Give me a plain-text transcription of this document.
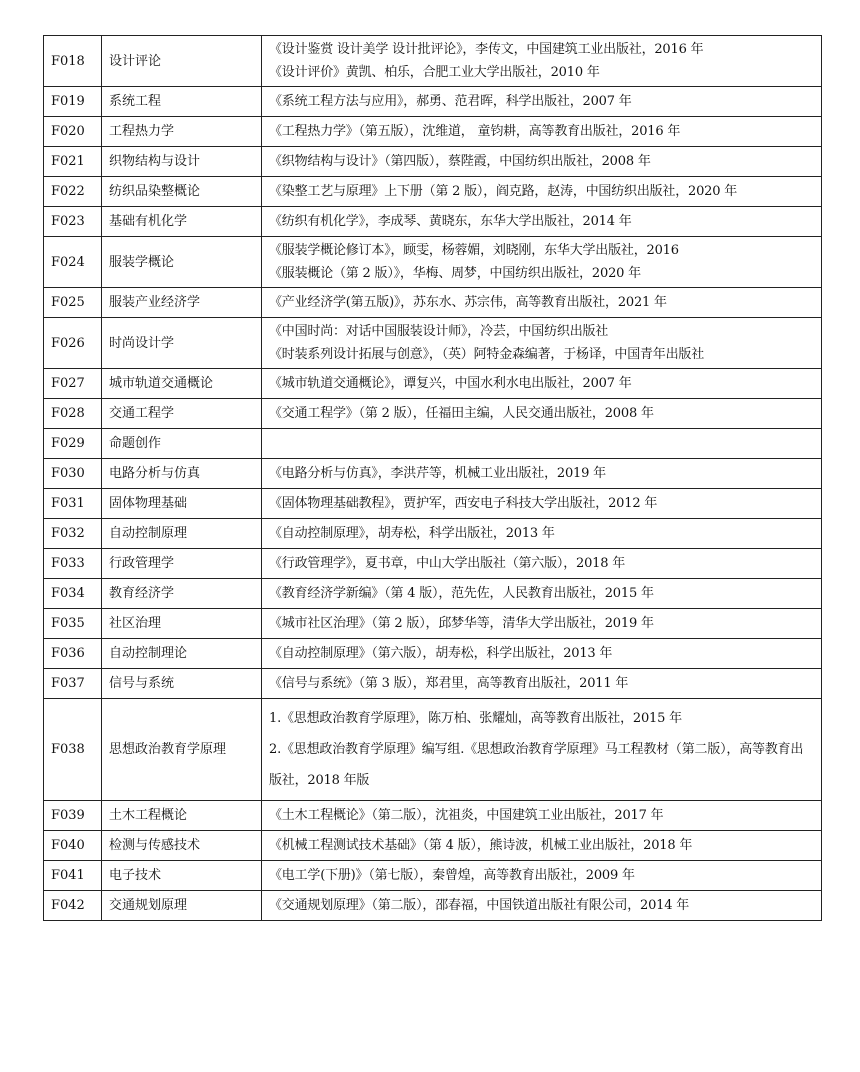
F018	设计评论	《设计鉴赏 设计美学 设计批评论》，李传文，中国建筑工业出版社，2016 年
《设计评价》黄凯、柏乐，合肥工业大学出版社，2010 年

F019	系统工程	《系统工程方法与应用》，郝勇、范君晖，科学出版社，2007 年

F020	工程热力学	《工程热力学》（第五版），沈维道， 童钧耕，高等教育出版社，2016 年

F021	织物结构与设计	《织物结构与设计》（第四版），蔡陛霞，中国纺织出版社，2008 年

F022	纺织品染整概论	《染整工艺与原理》上下册（第 2 版），阎克路，赵涛，中国纺织出版社，2020 年

F023	基础有机化学	《纺织有机化学》，李成琴、黄晓东，东华大学出版社，2014 年

F024	服装学概论	《服装学概论修订本》，顾雯，杨蓉媚，刘晓刚，东华大学出版社，2016
《服装概论（第 2 版）》，华梅、周梦，中国纺织出版社，2020 年

F025	服装产业经济学	《产业经济学(第五版)》，苏东水、苏宗伟，高等教育出版社，2021 年

F026	时尚设计学	《中国时尚：对话中国服装设计师》，冷芸，中国纺织出版社
《时装系列设计拓展与创意》，（英）阿特金森编著，于杨译，中国青年出版社

F027	城市轨道交通概论	《城市轨道交通概论》，谭复兴，中国水利水电出版社，2007 年

F028	交通工程学	《交通工程学》（第 2 版），任福田主编，人民交通出版社，2008 年

F029	命题创作	

F030	电路分析与仿真	《电路分析与仿真》，李洪芹等，机械工业出版社，2019 年

F031	固体物理基础	《固体物理基础教程》，贾护军，西安电子科技大学出版社，2012 年

F032	自动控制原理	《自动控制原理》，胡寿松，科学出版社，2013 年

F033	行政管理学	《行政管理学》，夏书章，中山大学出版社（第六版），2018 年

F034	教育经济学	《教育经济学新编》（第 4 版），范先佐，人民教育出版社，2015 年

F035	社区治理	《城市社区治理》（第 2 版），邱梦华等，清华大学出版社，2019 年

F036	自动控制理论	《自动控制原理》（第六版），胡寿松，科学出版社，2013 年

F037	信号与系统	《信号与系统》（第 3 版），郑君里，高等教育出版社，2011 年

F038	思想政治教育学原理	1.《思想政治教育学原理》，陈万柏、张耀灿，高等教育出版社，2015 年
2.《思想政治教育学原理》编写组.《思想政治教育学原理》马工程教材（第二版），高等教育出版社，2018 年版

F039	土木工程概论	《土木工程概论》（第二版），沈祖炎，中国建筑工业出版社，2017 年

F040	检测与传感技术	《机械工程测试技术基础》（第 4 版），熊诗波，机械工业出版社，2018 年

F041	电子技术	《电工学(下册)》（第七版），秦曾煌，高等教育出版社，2009 年

F042	交通规划原理	《交通规划原理》（第二版），邵春福，中国铁道出版社有限公司，2014 年
